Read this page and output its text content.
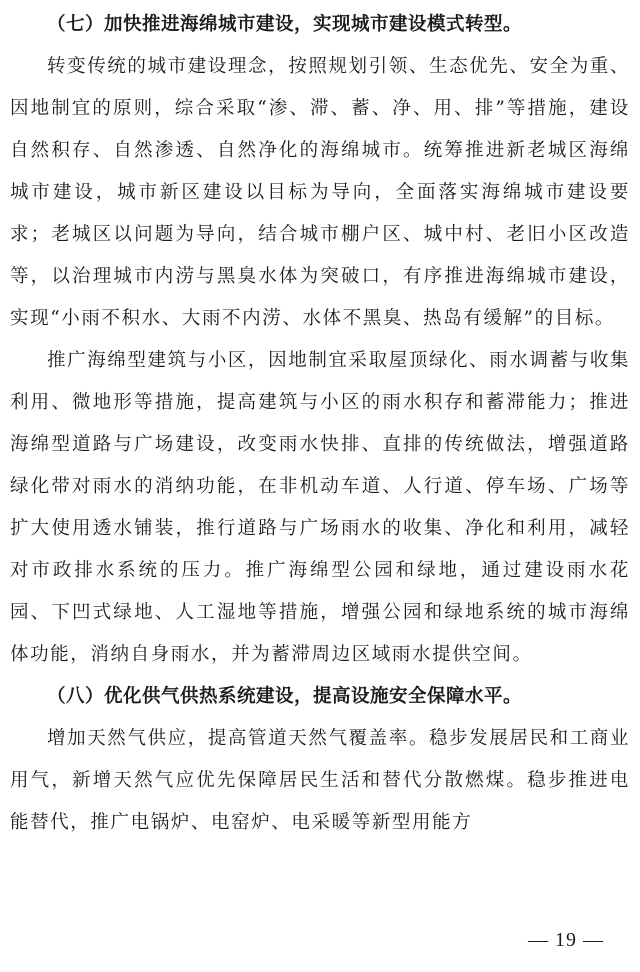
（七）加快推进海绵城市建设，实现城市建设模式转型。

转变传统的城市建设理念，按照规划引领、生态优先、安全为重、因地制宜的原则，综合采取“渗、滞、蓄、净、用、排”等措施，建设自然积存、自然渗透、自然净化的海绵城市。统筹推进新老城区海绵城市建设，城市新区建设以目标为导向，全面落实海绵城市建设要求；老城区以问题为导向，结合城市棚户区、城中村、老旧小区改造等，以治理城市内涝与黑臭水体为突破口，有序推进海绵城市建设，实现“小雨不积水、大雨不内涝、水体不黑臭、热岛有缓解”的目标。

推广海绵型建筑与小区，因地制宜采取屋顶绿化、雨水调蓄与收集利用、微地形等措施，提高建筑与小区的雨水积存和蓄滞能力；推进海绵型道路与广场建设，改变雨水快排、直排的传统做法，增强道路绿化带对雨水的消纳功能，在非机动车道、人行道、停车场、广场等扩大使用透水铺装，推行道路与广场雨水的收集、净化和利用，减轻对市政排水系统的压力。推广海绵型公园和绿地，通过建设雨水花园、下凹式绿地、人工湿地等措施，增强公园和绿地系统的城市海绵体功能，消纳自身雨水，并为蓄滞周边区域雨水提供空间。

（八）优化供气供热系统建设，提高设施安全保障水平。

增加天然气供应，提高管道天然气覆盖率。稳步发展居民和工商业用气，新增天然气应优先保障居民生活和替代分散燃煤。稳步推进电能替代，推广电锅炉、电窑炉、电采暖等新型用能方

— 19 —
